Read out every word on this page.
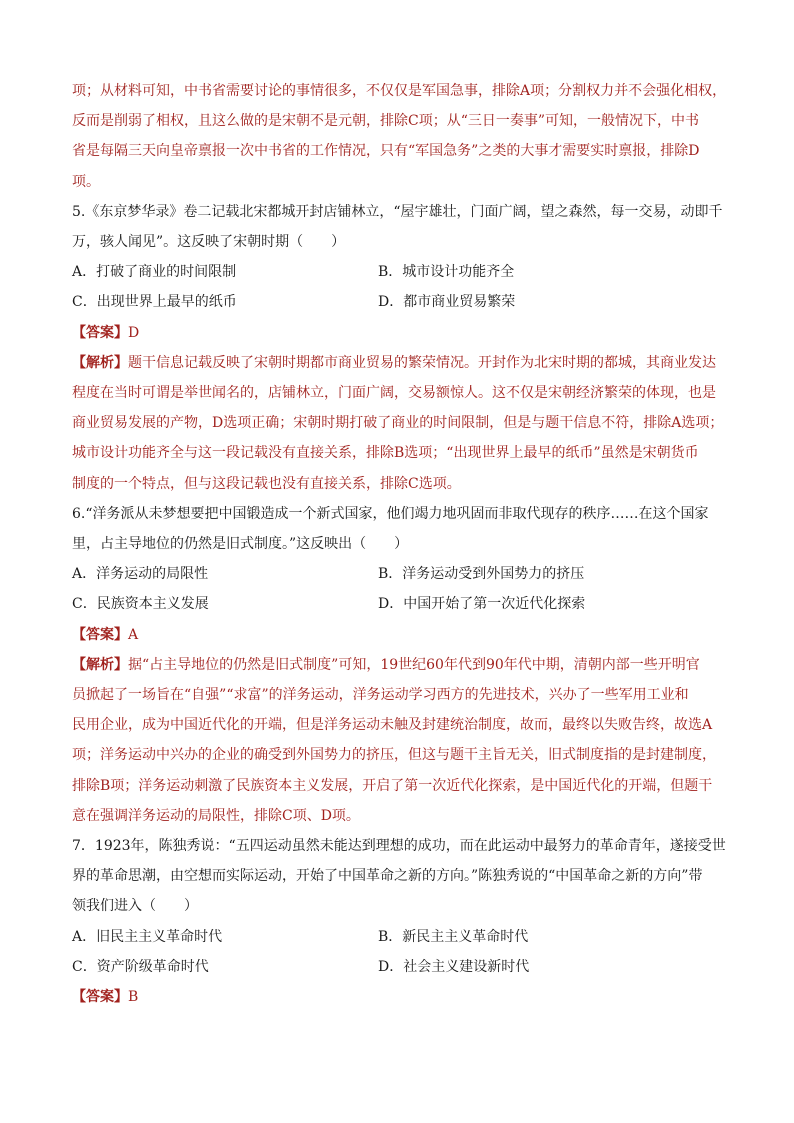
项；从材料可知，中书省需要讨论的事情很多，不仅仅是军国急事，排除A项；分割权力并不会强化相权，
反而是削弱了相权，且这么做的是宋朝不是元朝，排除C项；从“三日一奏事”可知，一般情况下，中书
省是每隔三天向皇帝禀报一次中书省的工作情况，只有“军国急务”之类的大事才需要实时禀报，排除D
项。
5.《东京梦华录》卷二记载北宋都城开封店铺林立，“屋宇雄壮，门面广阔，望之森然，每一交易，动即千
万，骇人闻见”。这反映了宋朝时期（　　）
A．打破了商业的时间限制	B．城市设计功能齐全
C．出现世界上最早的纸币	D．都市商业贸易繁荣
【答案】D
【解析】题干信息记载反映了宋朝时期都市商业贸易的繁荣情况。开封作为北宋时期的都城，其商业发达
程度在当时可谓是举世闻名的，店铺林立，门面广阔，交易额惊人。这不仅是宋朝经济繁荣的体现，也是
商业贸易发展的产物，D选项正确；宋朝时期打破了商业的时间限制，但是与题干信息不符，排除A选项；
城市设计功能齐全与这一段记载没有直接关系，排除B选项；“出现世界上最早的纸币”虽然是宋朝货币
制度的一个特点，但与这段记载也没有直接关系，排除C选项。
6.“洋务派从未梦想要把中国锻造成一个新式国家，他们竭力地巩固而非取代现存的秩序……在这个国家
里，占主导地位的仍然是旧式制度。”这反映出（　　）
A．洋务运动的局限性	B．洋务运动受到外国势力的挤压
C．民族资本主义发展	D．中国开始了第一次近代化探索
【答案】A
【解析】据“占主导地位的仍然是旧式制度”可知，19世纪60年代到90年代中期，清朝内部一些开明官
员掀起了一场旨在“自强”“求富”的洋务运动，洋务运动学习西方的先进技术，兴办了一些军用工业和
民用企业，成为中国近代化的开端，但是洋务运动未触及封建统治制度，故而，最终以失败告终，故选A
项；洋务运动中兴办的企业的确受到外国势力的挤压，但这与题干主旨无关，旧式制度指的是封建制度，
排除B项；洋务运动刺激了民族资本主义发展，开启了第一次近代化探索，是中国近代化的开端，但题干
意在强调洋务运动的局限性，排除C项、D项。
7．1923年，陈独秀说：“五四运动虽然未能达到理想的成功，而在此运动中最努力的革命青年，遂接受世
界的革命思潮，由空想而实际运动，开始了中国革命之新的方向。”陈独秀说的“中国革命之新的方向”带
领我们进入（　　）
A．旧民主主义革命时代	B．新民主主义革命时代
C．资产阶级革命时代	D．社会主义建设新时代
【答案】B
